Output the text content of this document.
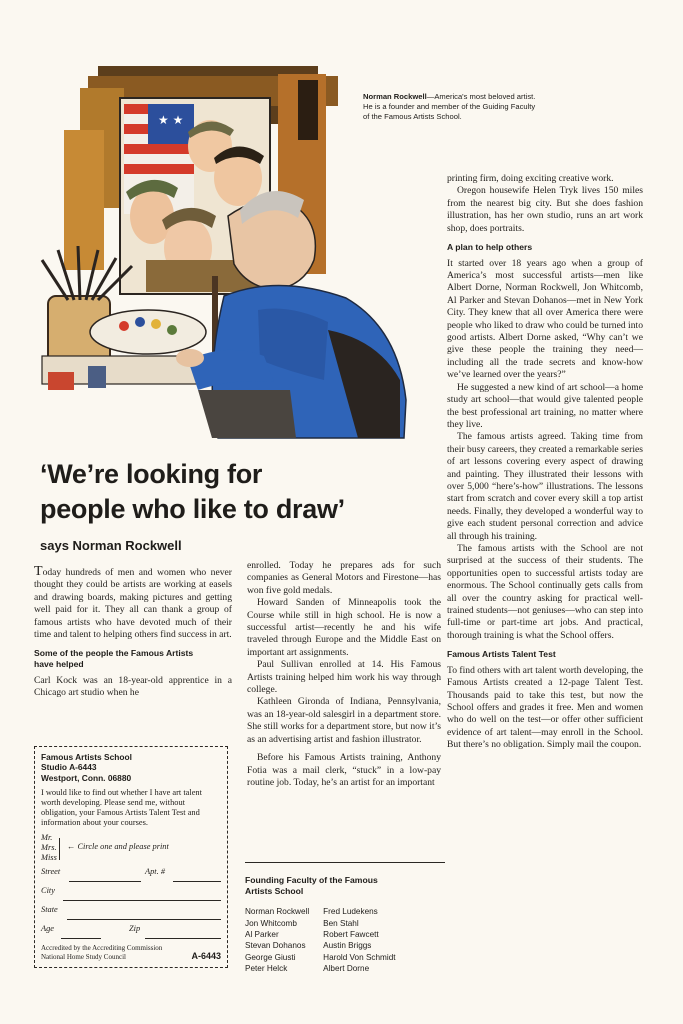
★ ★
Norman Rockwell—America's most beloved artist. He is a founder and member of the Guiding Faculty of the Famous Artists School.
‘We’re looking for
people who like to draw’
says Norman Rockwell

Today hundreds of men and women who never thought they could be artists are working at easels and drawing boards, making pictures and getting well paid for it. They all can thank a group of famous artists who have devoted much of their time and talent to helping others find success in art.

Some of the people the Famous Artists have helped

Carl Kock was an 18-year-old apprentice in a Chicago art studio when he

Famous Artists School
Studio A-6443
Westport, Conn. 06880
I would like to find out whether I have art talent worth developing. Please send me, without obligation, your Famous Artists Talent Test and information about your courses.
Mr.
Mrs.
Miss
← Circle one and please print
Street	Apt. #
City
State
Age	Zip
Accredited by the Accrediting Commission National Home Study Council	A-6443

enrolled. Today he prepares ads for such companies as General Motors and Firestone—has won five gold medals.

Howard Sanden of Minneapolis took the Course while still in high school. He is now a successful artist—recently he and his wife traveled through Europe and the Middle East on important art assignments.

Paul Sullivan enrolled at 14. His Famous Artists training helped him work his way through college.

Kathleen Gironda of Indiana, Pennsylvania, was an 18-year-old salesgirl in a department store. She still works for a department store, but now it’s as an advertising artist and fashion illustrator.

Before his Famous Artists training, Anthony Fotia was a mail clerk, “stuck” in a low-pay routine job. Today, he’s an artist for an important

Founding Faculty of the Famous Artists School
Norman Rockwell
Jon Whitcomb
Al Parker
Stevan Dohanos
George Giusti
Peter Helck
Fred Ludekens
Ben Stahl
Robert Fawcett
Austin Briggs
Harold Von Schmidt
Albert Dorne

printing firm, doing exciting creative work.

Oregon housewife Helen Tryk lives 150 miles from the nearest big city. But she does fashion illustration, has her own studio, runs an art work shop, does portraits.

A plan to help others

It started over 18 years ago when a group of America’s most successful artists—men like Albert Dorne, Norman Rockwell, Jon Whitcomb, Al Parker and Stevan Dohanos—met in New York City. They knew that all over America there were people who liked to draw who could be turned into good artists. Albert Dorne asked, “Why can’t we give these people the training they need—including all the trade secrets and know-how we’ve learned over the years?”

He suggested a new kind of art school—a home study art school—that would give talented people the best professional art training, no matter where they live.

The famous artists agreed. Taking time from their busy careers, they created a remarkable series of art lessons covering every aspect of drawing and painting. They illustrated their lessons with over 5,000 “here’s-how” illustrations. The lessons start from scratch and cover every skill a top artist needs. Finally, they developed a wonderful way to give each student personal correction and advice all through his training.

The famous artists with the School are not surprised at the success of their students. The opportunities open to successful artists today are enormous. The School continually gets calls from all over the country asking for practical well-trained students—not geniuses—who can step into full-time or part-time art jobs. And practical, thorough training is what the School offers.

Famous Artists Talent Test

To find others with art talent worth developing, the Famous Artists created a 12-page Talent Test. Thousands paid to take this test, but now the School offers and grades it free. Men and women who do well on the test—or offer other sufficient evidence of art talent—may enroll in the School. But there’s no obligation. Simply mail the coupon.
